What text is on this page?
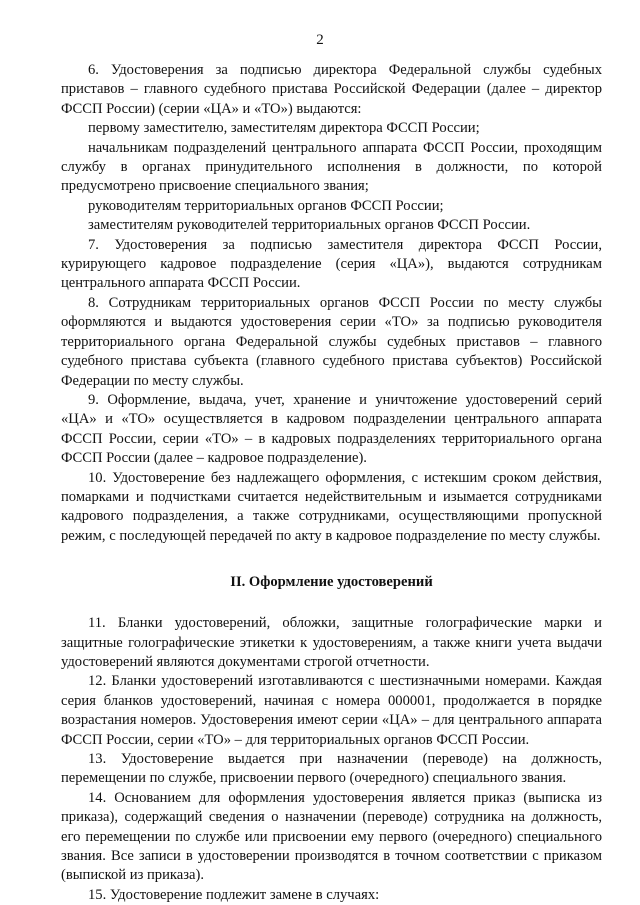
2

6. Удостоверения за подписью директора Федеральной службы судебных приставов – главного судебного пристава Российской Федерации (далее – директор ФССП России) (серии «ЦА» и «ТО») выдаются:

первому заместителю, заместителям директора ФССП России;

начальникам подразделений центрального аппарата ФССП России, проходящим службу в органах принудительного исполнения в должности, по которой предусмотрено присвоение специального звания;

руководителям территориальных органов ФССП России;

заместителям руководителей территориальных органов ФССП России.

7. Удостоверения за подписью заместителя директора ФССП России, курирующего кадровое подразделение (серия «ЦА»), выдаются сотрудникам центрального аппарата ФССП России.

8. Сотрудникам территориальных органов ФССП России по месту службы оформляются и выдаются удостоверения серии «ТО» за подписью руководителя территориального органа Федеральной службы судебных приставов – главного судебного пристава субъекта (главного судебного пристава субъектов) Российской Федерации по месту службы.

9. Оформление, выдача, учет, хранение и уничтожение удостоверений серий «ЦА» и «ТО» осуществляется в кадровом подразделении центрального аппарата ФССП России, серии «ТО» – в кадровых подразделениях территориального органа ФССП России (далее – кадровое подразделение).

10. Удостоверение без надлежащего оформления, с истекшим сроком действия, помарками и подчистками считается недействительным и изымается сотрудниками кадрового подразделения, а также сотрудниками, осуществляющими пропускной режим, с последующей передачей по акту в кадровое подразделение по месту службы.

II. Оформление удостоверений

11. Бланки удостоверений, обложки, защитные голографические марки и защитные голографические этикетки к удостоверениям, а также книги учета выдачи удостоверений являются документами строгой отчетности.

12. Бланки удостоверений изготавливаются с шестизначными номерами. Каждая серия бланков удостоверений, начиная с номера 000001, продолжается в порядке возрастания номеров. Удостоверения имеют серии «ЦА» – для центрального аппарата ФССП России, серии «ТО» – для территориальных органов ФССП России.

13. Удостоверение выдается при назначении (переводе) на должность, перемещении по службе, присвоении первого (очередного) специального звания.

14. Основанием для оформления удостоверения является приказ (выписка из приказа), содержащий сведения о назначении (переводе) сотрудника на должность, его перемещении по службе или присвоении ему первого (очередного) специального звания. Все записи в удостоверении производятся в точном соответствии с приказом (выпиской из приказа).

15. Удостоверение подлежит замене в случаях:
